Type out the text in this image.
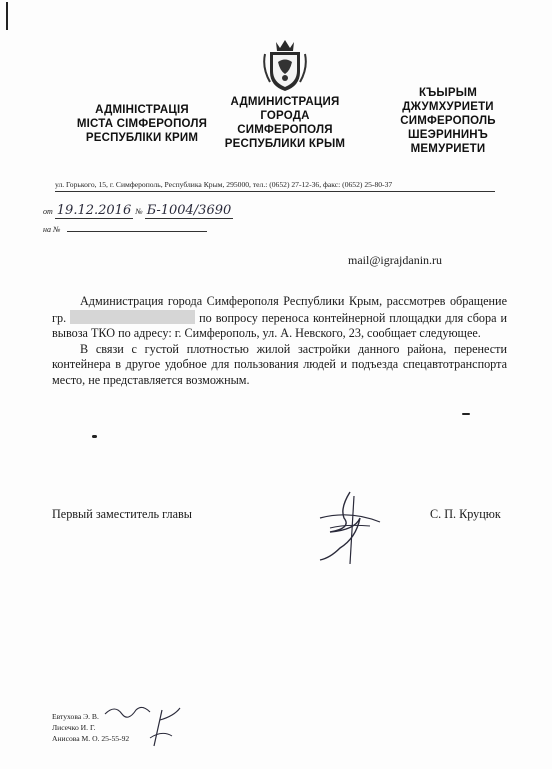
АДМІНІСТРАЦІЯ
МІСТА СІМФЕРОПОЛЯ
РЕСПУБЛІКИ КРИМ
АДМИНИСТРАЦИЯ
ГОРОДА
СИМФЕРОПОЛЯ
РЕСПУБЛИКИ КРЫМ
КЪЫРЫМ
ДЖУМХУРИЕТИ
СИМФЕРОПОЛЬ
ШЕЭРИНИНЪ
МЕМУРИЕТИ
ул. Горького, 15, г. Симферополь, Республика Крым, 295000, тел.: (0652) 27-12-36, факс: (0652) 25-80-37
от 19.12.2016 № Б-1004/3690
на №
mail@igrajdanin.ru

Администрация города Симферополя Республики Крым, рассмотрев обращение гр.	по вопросу переноса контейнерной площадки для сбора и вывоза ТКО по адресу: г. Симферополь, ул. А. Невского, 23, сообщает следующее.

В связи с густой плотностью жилой застройки данного района, перенести контейнера в другое удобное для пользования людей и подъезда спецавтотранспорта место, не представляется возможным.

Первый заместитель главы	С. П. Круцюк
Евтухова Э. В.
Лисечко И. Г.
Анисова М. О. 25-55-92
